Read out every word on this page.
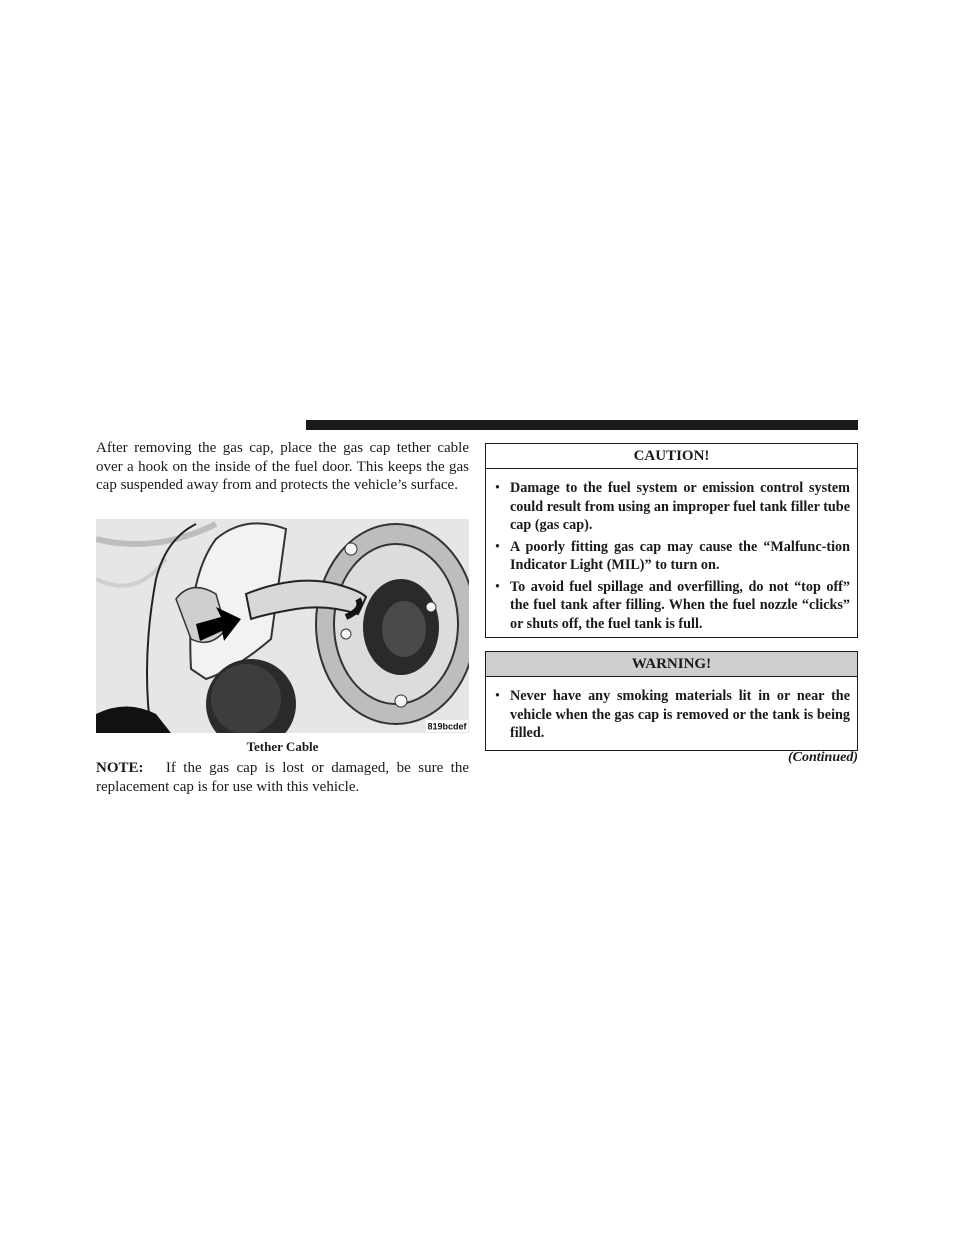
After removing the gas cap, place the gas cap tether cable over a hook on the inside of the fuel door. This keeps the gas cap suspended away from and protects the vehicle’s surface.

819bcdef
Tether Cable

NOTE: If the gas cap is lost or damaged, be sure the replacement cap is for use with this vehicle.

CAUTION!
• Damage to the fuel system or emission control system could result from using an improper fuel tank filler tube cap (gas cap).
• A poorly fitting gas cap may cause the “Malfunc-tion Indicator Light (MIL)” to turn on.
• To avoid fuel spillage and overfilling, do not “top off” the fuel tank after filling. When the fuel nozzle “clicks” or shuts off, the fuel tank is full.
WARNING!
• Never have any smoking materials lit in or near the vehicle when the gas cap is removed or the tank is being filled.
(Continued)
